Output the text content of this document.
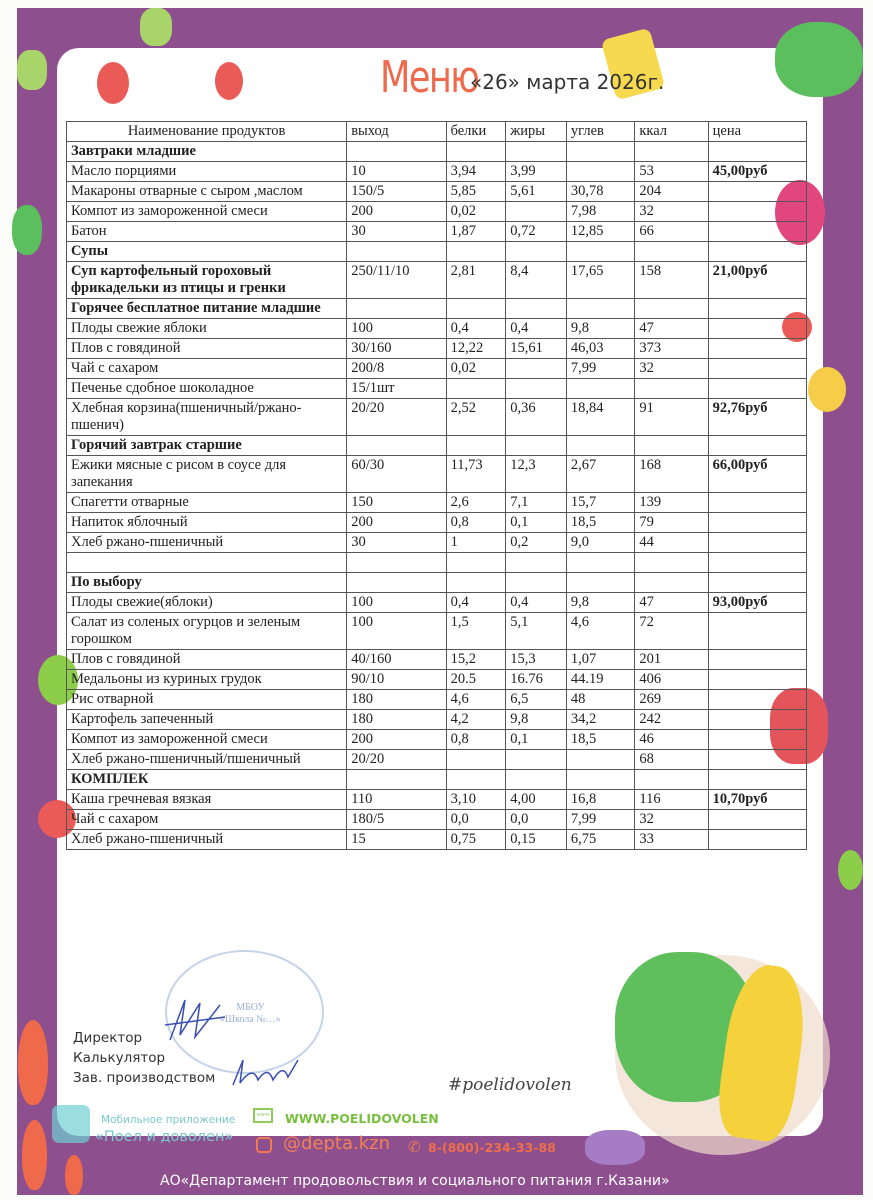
Меню
«26» марта 2026г.
Наименование продуктов	выход	белки	жиры	углев	ккал	цена
Завтраки младшие						
Масло порциями	10	3,94	3,99		53	45,00руб
Макароны отварные с сыром ,маслом	150/5	5,85	5,61	30,78	204	
Компот из замороженной смеси	200	0,02		7,98	32	
Батон	30	1,87	0,72	12,85	66	
Супы						
Суп картофельный гороховый фрикадельки из птицы и гренки	250/11/10	2,81	8,4	17,65	158	21,00руб
Горячее бесплатное питание младшие						
Плоды свежие яблоки	100	0,4	0,4	9,8	47	
Плов с говядиной	30/160	12,22	15,61	46,03	373	
Чай с сахаром	200/8	0,02		7,99	32	
Печенье сдобное шоколадное	15/1шт					
Хлебная корзина(пшеничный/ржано-пшенич)	20/20	2,52	0,36	18,84	91	92,76руб
Горячий завтрак старшие						
Ежики мясные с рисом в соусе для запекания	60/30	11,73	12,3	2,67	168	66,00руб
Спагетти отварные	150	2,6	7,1	15,7	139	
Напиток яблочный	200	0,8	0,1	18,5	79	
Хлеб ржано-пшеничный	30	1	0,2	9,0	44	

По выбору						
Плоды свежие(яблоки)	100	0,4	0,4	9,8	47	93,00руб
Салат из соленых огурцов и зеленым горошком	100	1,5	5,1	4,6	72	
Плов с говядиной	40/160	15,2	15,3	1,07	201	
Медальоны из куриных грудок	90/10	20.5	16.76	44.19	406	
Рис отварной	180	4,6	6,5	48	269	
Картофель запеченный	180	4,2	9,8	34,2	242	
Компот из замороженной смеси	200	0,8	0,1	18,5	46	
Хлеб ржано-пшеничный/пшеничный	20/20				68	
КОМПЛЕК						
Каша гречневая вязкая	110	3,10	4,00	16,8	116	10,70руб
Чай с сахаром	180/5	0,0	0,0	7,99	32	
Хлеб ржано-пшеничный	15	0,75	0,15	6,75	33	
МБОУ
«Школа №…»
Директор
Калькулятор
Зав. производством	#poelidovolen
Мобильное приложение
«Поел и доволен»
www WWW.POELIDOVOLEN
@depta.kzn ✆ 8-(800)-234-33-88
АО«Департамент продовольствия и социального питания г.Казани»
